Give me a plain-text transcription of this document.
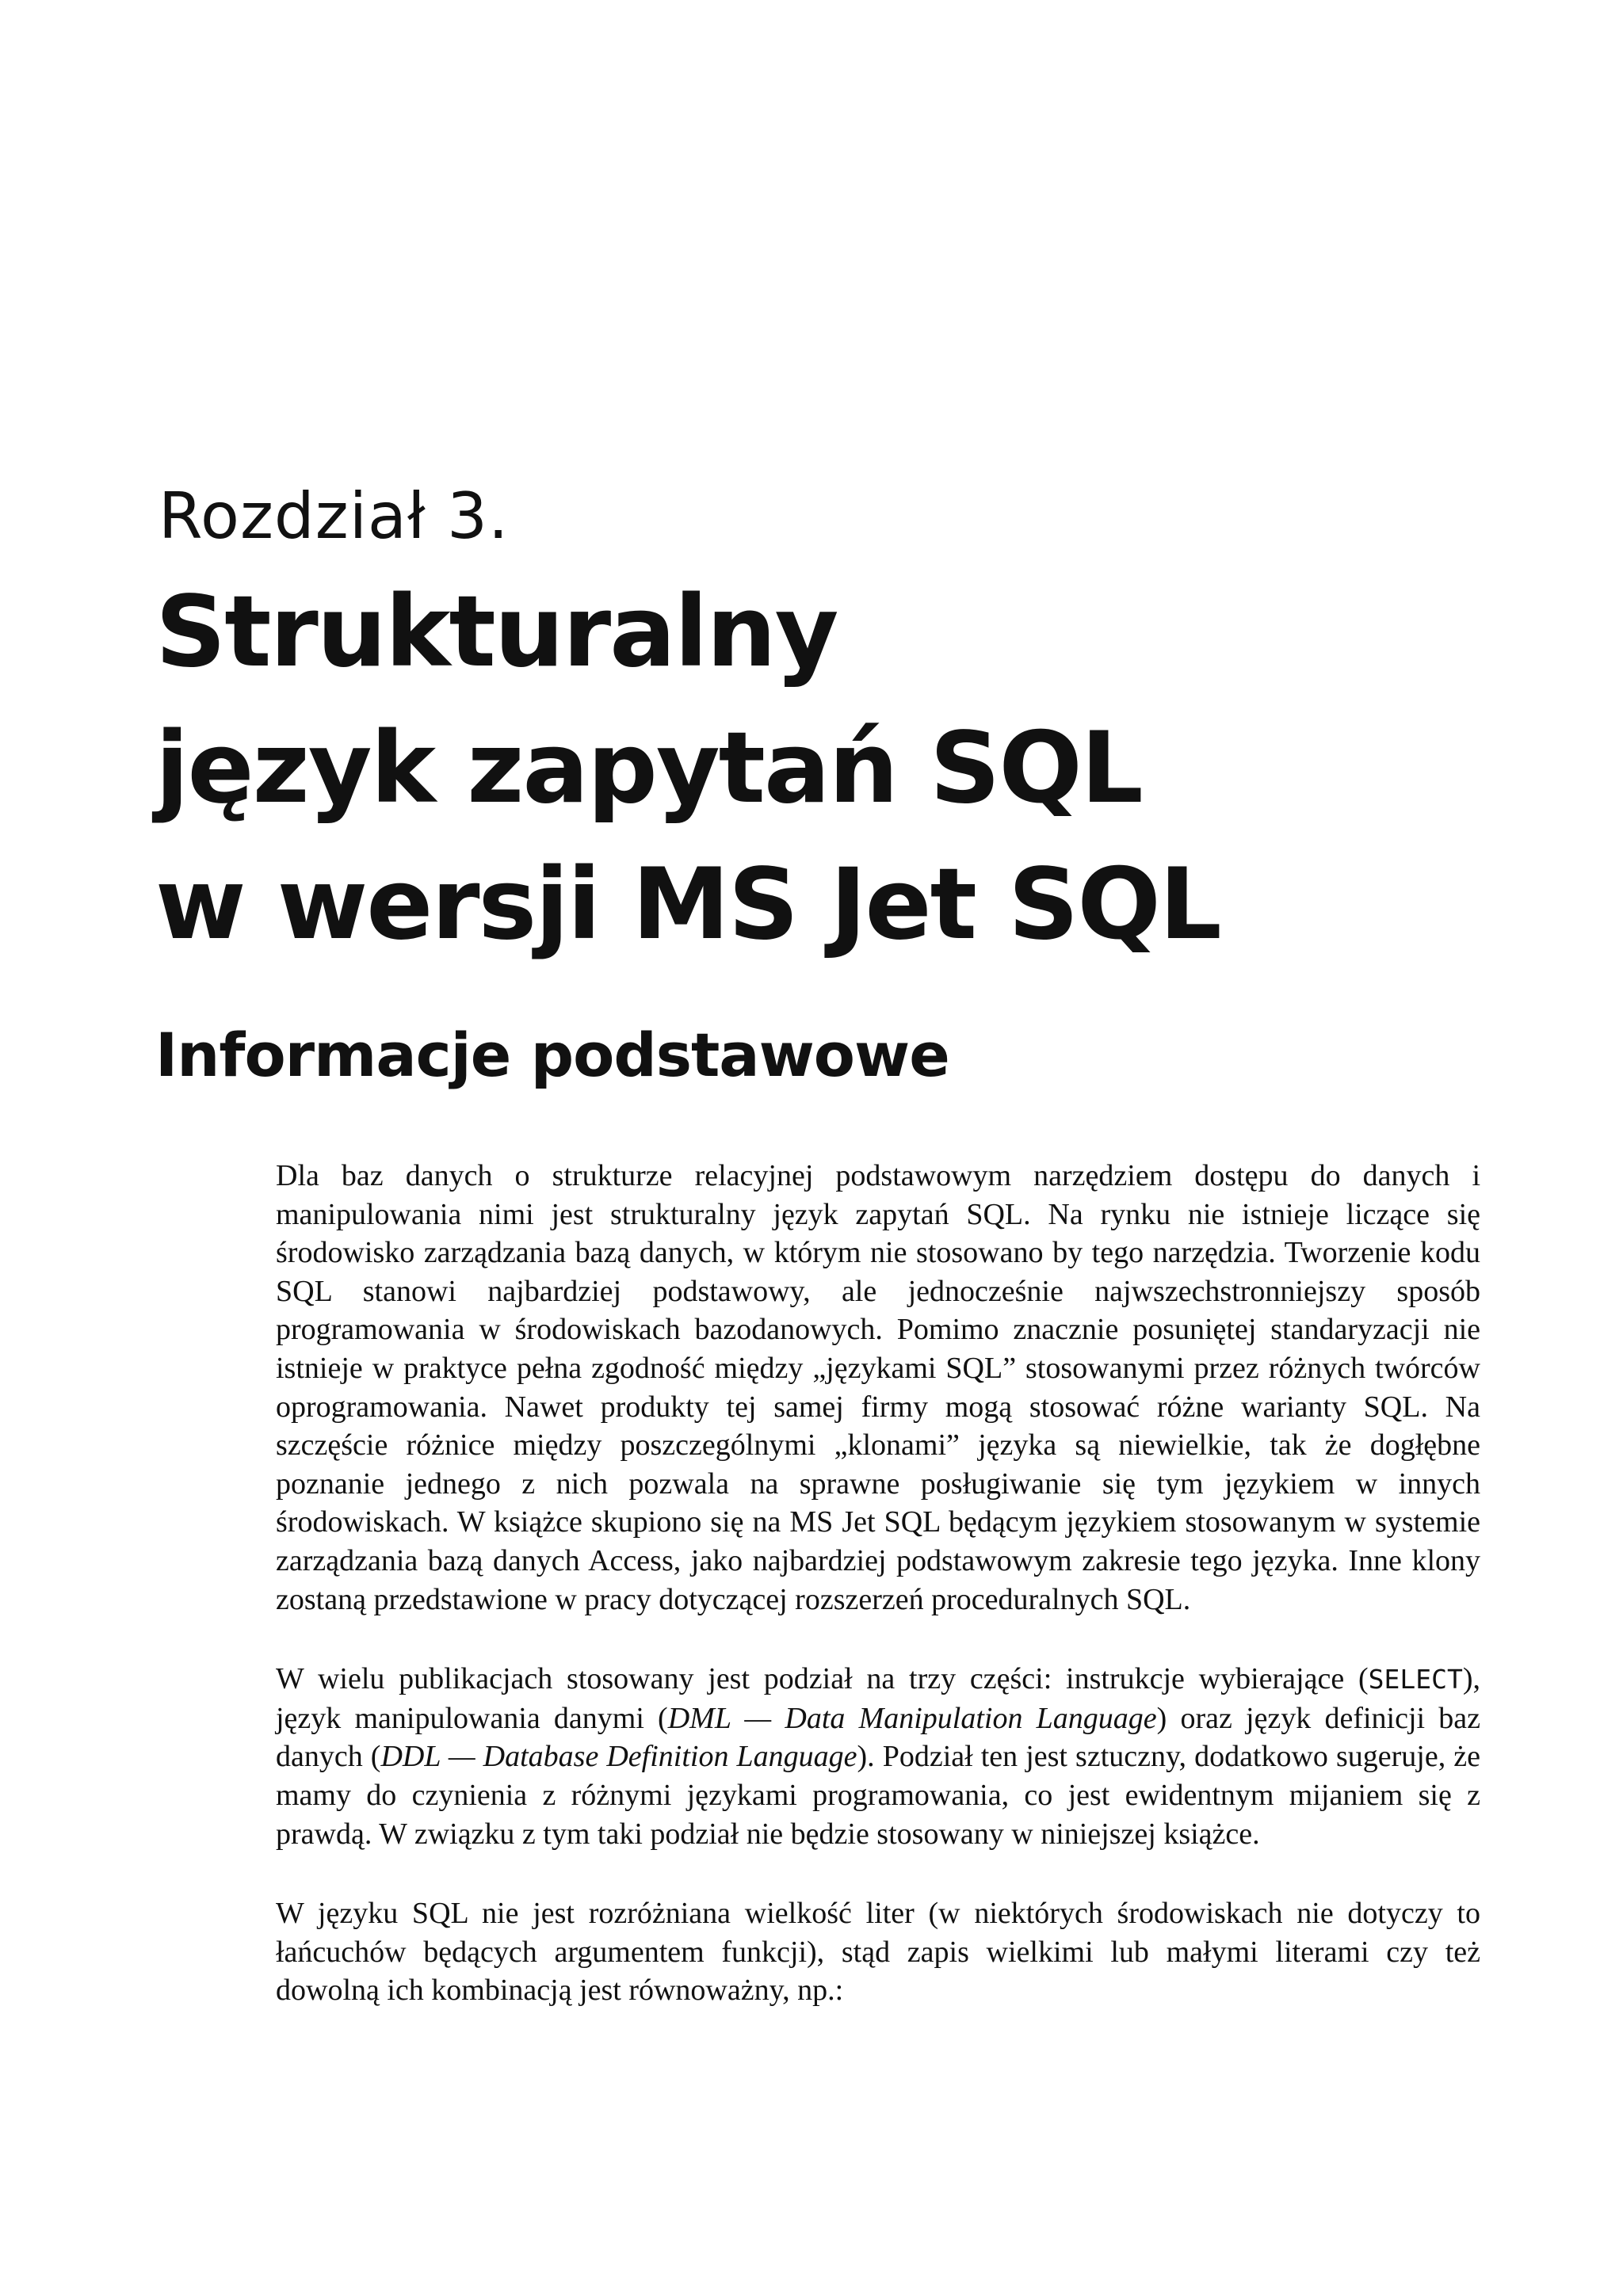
Rozdział 3.
Strukturalny
język zapytań SQL
w wersji MS Jet SQL
Informacje podstawowe

Dla baz danych o strukturze relacyjnej podstawowym narzędziem dostępu do danych i manipulowania nimi jest strukturalny język zapytań SQL. Na rynku nie istnieje liczące się środowisko zarządzania bazą danych, w którym nie stosowano by tego narzędzia. Tworzenie kodu SQL stanowi najbardziej podstawowy, ale jednocześnie najwszechstronniejszy sposób programowania w środowiskach bazodanowych. Pomimo znacznie posuniętej standaryzacji nie istnieje w praktyce pełna zgodność między „językami SQL” stosowanymi przez różnych twórców oprogramowania. Nawet produkty tej samej firmy mogą stosować różne warianty SQL. Na szczęście różnice między poszczególnymi „klonami” języka są niewielkie, tak że dogłębne poznanie jednego z nich pozwala na sprawne posługiwanie się tym językiem w innych środowiskach. W książce skupiono się na MS Jet SQL będącym językiem stosowanym w systemie zarządzania bazą danych Access, jako najbardziej podstawowym zakresie tego języka. Inne klony zostaną przedstawione w pracy dotyczącej rozszerzeń proceduralnych SQL.

W wielu publikacjach stosowany jest podział na trzy części: instrukcje wybierające (SELECT), język manipulowania danymi (DML — Data Manipulation Language) oraz język definicji baz danych (DDL — Database Definition Language). Podział ten jest sztuczny, dodatkowo sugeruje, że mamy do czynienia z różnymi językami programowania, co jest ewidentnym mijaniem się z prawdą. W związku z tym taki podział nie będzie stosowany w niniejszej książce.

W języku SQL nie jest rozróżniana wielkość liter (w niektórych środowiskach nie dotyczy to łańcuchów będących argumentem funkcji), stąd zapis wielkimi lub małymi literami czy też dowolną ich kombinacją jest równoważny, np.:
